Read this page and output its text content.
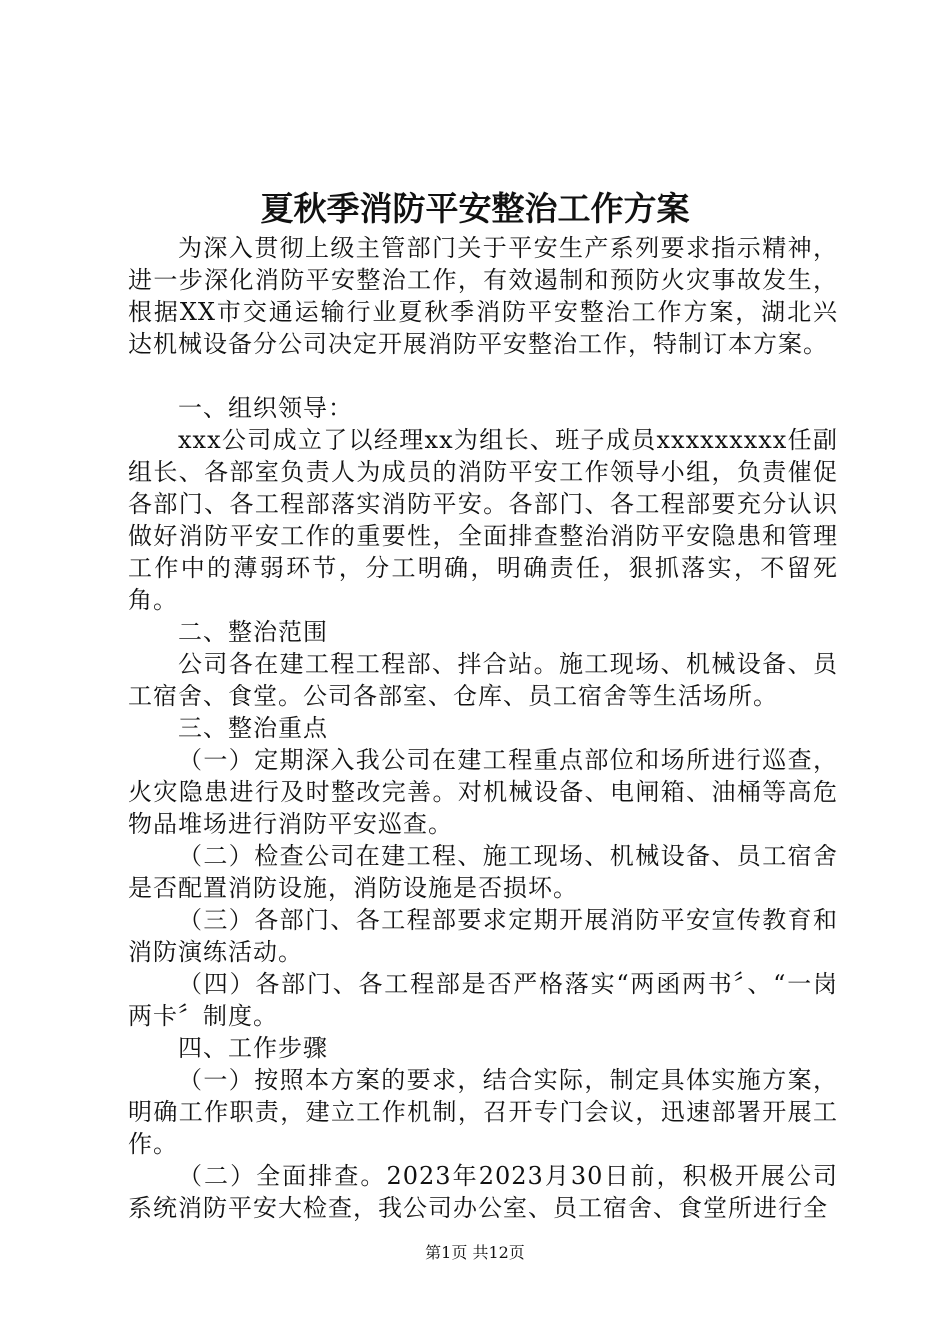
夏秋季消防平安整治工作方案

为深入贯彻上级主管部门关于平安生产系列要求指示精神，进一步深化消防平安整治工作，有效遏制和预防火灾事故发生，根据XX市交通运输行业夏秋季消防平安整治工作方案，湖北兴达机械设备分公司决定开展消防平安整治工作，特制订本方案。

一、组织领导：

xxx公司成立了以经理xx为组长、班子成员xxxxxxxxx任副组长、各部室负责人为成员的消防平安工作领导小组，负责催促各部门、各工程部落实消防平安。各部门、各工程部要充分认识做好消防平安工作的重要性，全面排查整治消防平安隐患和管理工作中的薄弱环节，分工明确，明确责任，狠抓落实，不留死角。

二、整治范围

公司各在建工程工程部、拌合站。施工现场、机械设备、员工宿舍、食堂。公司各部室、仓库、员工宿舍等生活场所。

三、整治重点

（一）定期深入我公司在建工程重点部位和场所进行巡查，火灾隐患进行及时整改完善。对机械设备、电闸箱、油桶等高危物品堆场进行消防平安巡查。

（二）检查公司在建工程、施工现场、机械设备、员工宿舍是否配置消防设施，消防设施是否损坏。

（三）各部门、各工程部要求定期开展消防平安宣传教育和消防演练活动。

（四）各部门、各工程部是否严格落实“两函两书〞、“一岗两卡〞制度。

四、工作步骤

（一）按照本方案的要求，结合实际，制定具体实施方案，明确工作职责，建立工作机制，召开专门会议，迅速部署开展工作。

（二）全面排查。2023年2023月30日前，积极开展公司系统消防平安大检查，我公司办公室、员工宿舍、食堂所进行全

第1页 共12页
